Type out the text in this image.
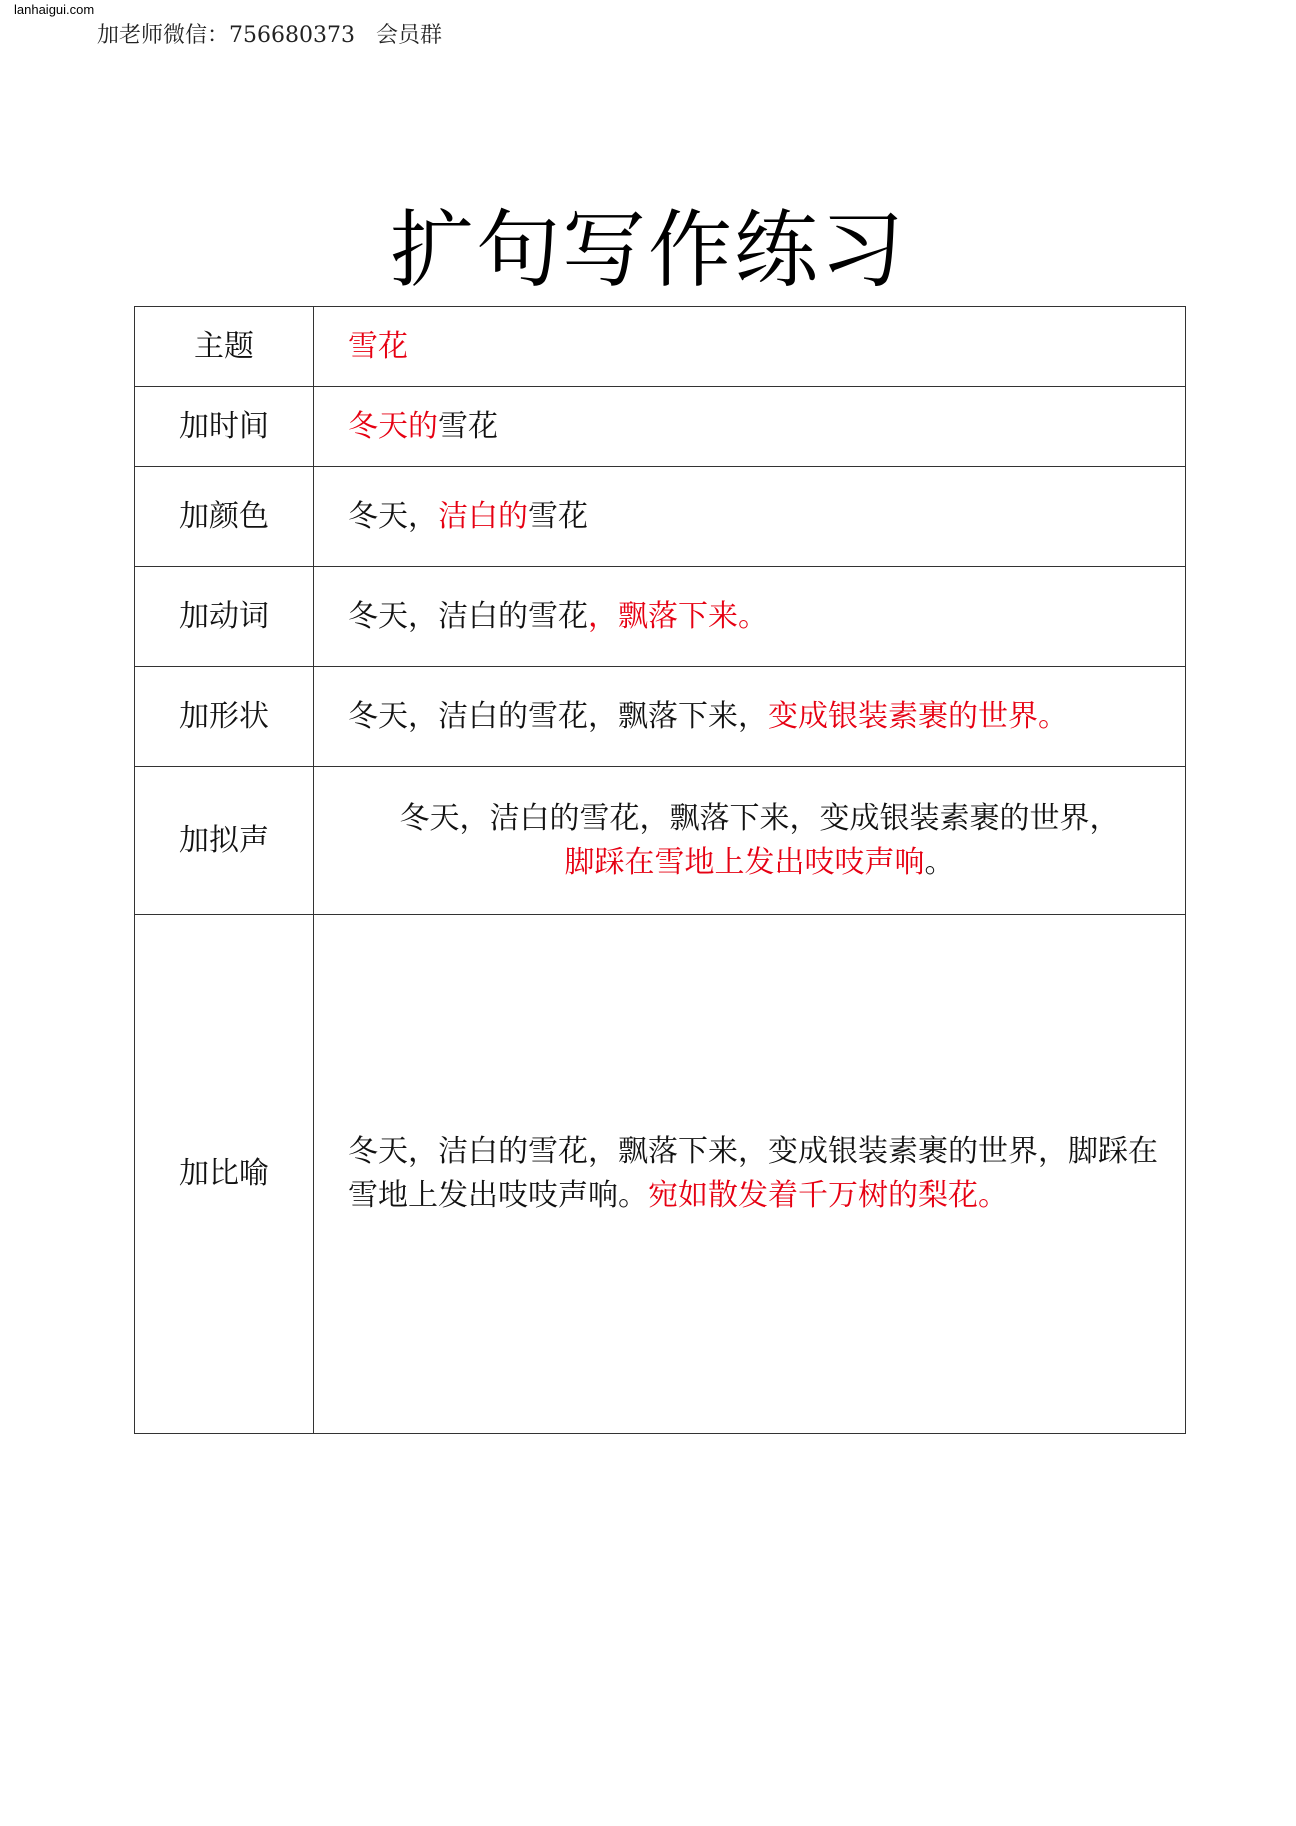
lanhaigui.com
加老师微信：756680373   会员群
扩句写作练习
主题	雪花
加时间	冬天的雪花
加颜色	冬天，洁白的雪花
加动词	冬天，洁白的雪花，飘落下来。
加形状	冬天，洁白的雪花，飘落下来，变成银装素裹的世界。
加拟声	冬天，洁白的雪花，飘落下来，变成银装素裹的世界，
脚踩在雪地上发出吱吱声响。
加比喻	冬天，洁白的雪花，飘落下来，变成银装素裹的世界，脚踩在雪地上发出吱吱声响。宛如散发着千万树的梨花。
